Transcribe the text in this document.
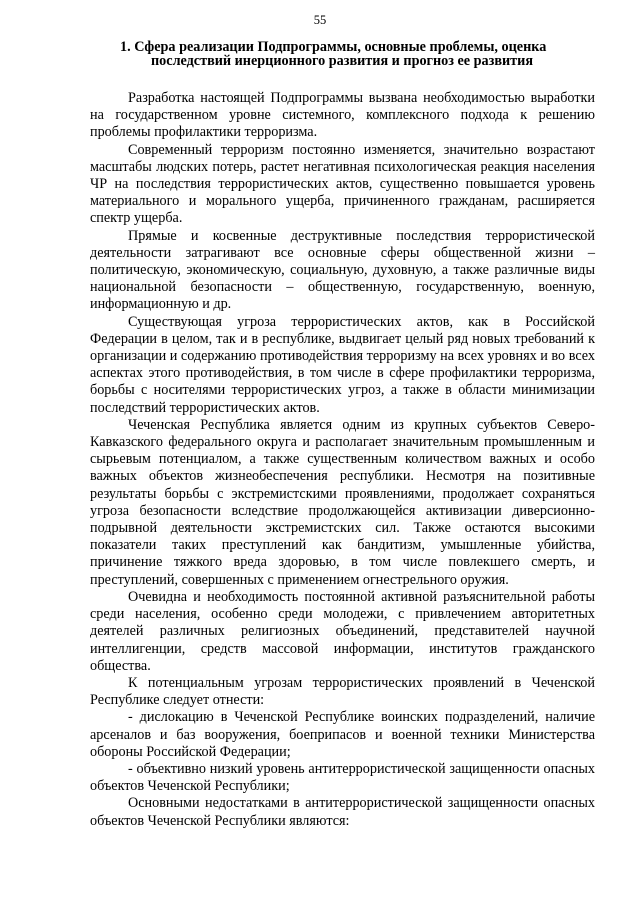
55
1. Сфера реализации Подпрограммы, основные проблемы, оценка
последствий инерционного развития и прогноз ее развития

Разработка настоящей Подпрограммы вызвана необходимостью выработки на государственном уровне системного, комплексного подхода к решению проблемы профилактики терроризма.

Современный терроризм постоянно изменяется, значительно возрастают масштабы людских потерь, растет негативная психологическая реакция населения ЧР на последствия террористических актов, существенно повышается уровень материального и морального ущерба, причиненного гражданам, расширяется спектр ущерба.

Прямые и косвенные деструктивные последствия террористической деятельности затрагивают все основные сферы общественной жизни – политическую, экономическую, социальную, духовную, а также различные виды национальной безопасности – общественную, государственную, военную, информационную и др.

Существующая угроза террористических актов, как в Российской Федерации в целом, так и в республике, выдвигает целый ряд новых требований к организации и содержанию противодействия терроризму на всех уровнях и во всех аспектах этого противодействия, в том числе в сфере профилактики терроризма, борьбы с носителями террористических угроз, а также в области минимизации последствий террористических актов.

Чеченская Республика является одним из крупных субъектов Северо-Кавказского федерального округа и располагает значительным промышленным и сырьевым потенциалом, а также существенным количеством важных и особо важных объектов жизнеобеспечения республики. Несмотря на позитивные результаты борьбы с экстремистскими проявлениями, продолжает сохраняться угроза безопасности вследствие продолжающейся активизации диверсионно-подрывной деятельности экстремистских сил. Также остаются высокими показатели таких преступлений как бандитизм, умышленные убийства, причинение тяжкого вреда здоровью, в том числе повлекшего смерть, и преступлений, совершенных с применением огнестрельного оружия.

Очевидна и необходимость постоянной активной разъяснительной работы среди населения, особенно среди молодежи, с привлечением авторитетных деятелей различных религиозных объединений, представителей научной интеллигенции, средств массовой информации, институтов гражданского общества.

К потенциальным угрозам террористических проявлений в Чеченской Республике следует отнести:

- дислокацию в Чеченской Республике воинских подразделений, наличие арсеналов и баз вооружения, боеприпасов и военной техники Министерства обороны Российской Федерации;

- объективно низкий уровень антитеррористической защищенности опасных объектов Чеченской Республики;

Основными недостатками в антитеррористической защищенности опасных объектов Чеченской Республики являются:
